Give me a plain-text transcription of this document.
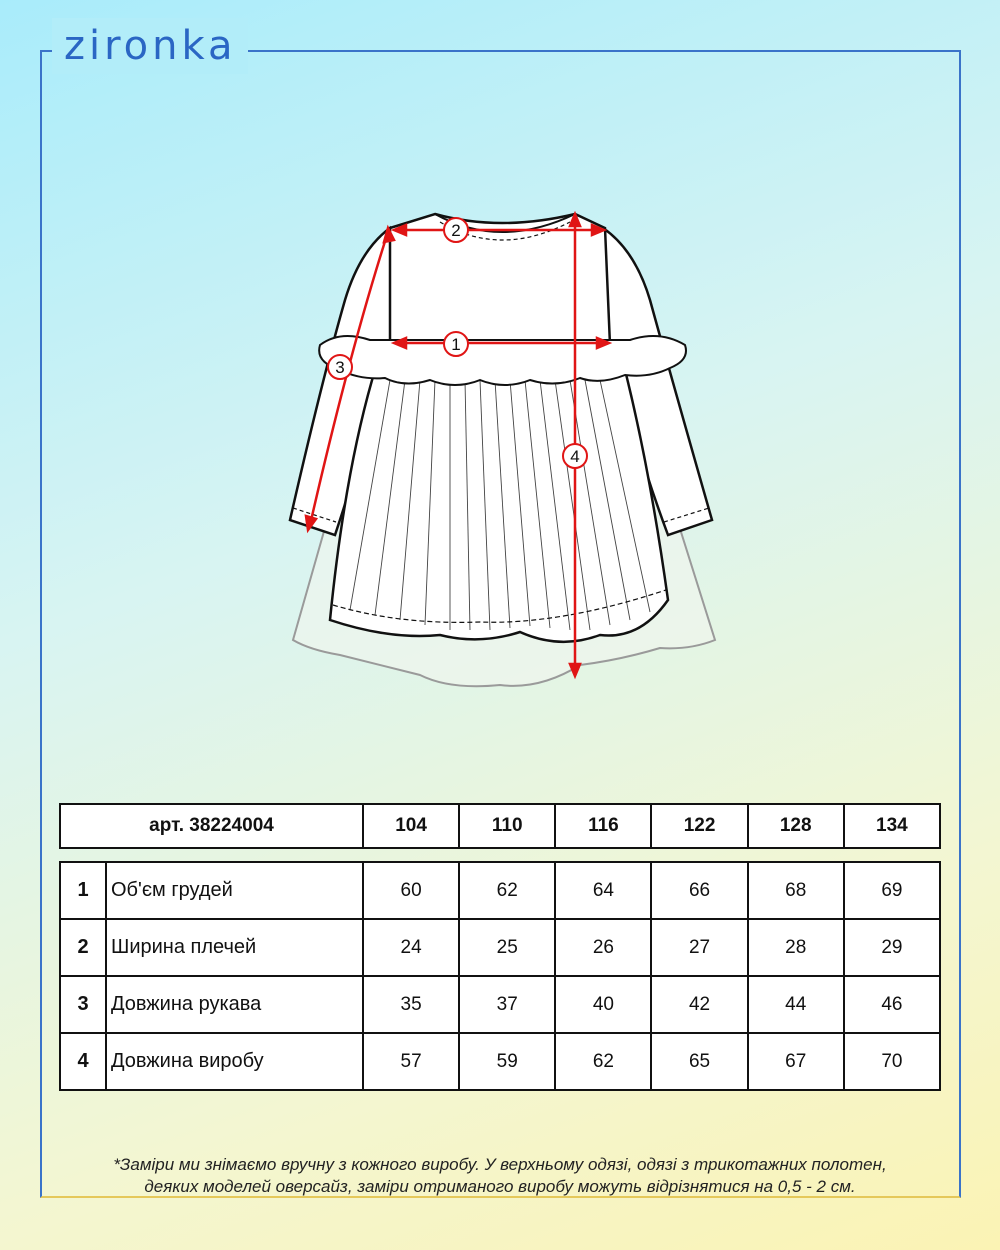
zironka
1
2
3
4
арт. 38224004	104	110	116	122	128	134
1	Об'єм грудей	60	62	64	66	68	69
2	Ширина плечей	24	25	26	27	28	29
3	Довжина рукава	35	37	40	42	44	46
4	Довжина виробу	57	59	62	65	67	70
*Заміри ми знімаємо вручну з кожного виробу. У верхньому одязі, одязі з трикотажних полотен,
деяких моделей оверсайз, заміри отриманого виробу можуть відрізнятися на 0,5 - 2 см.
